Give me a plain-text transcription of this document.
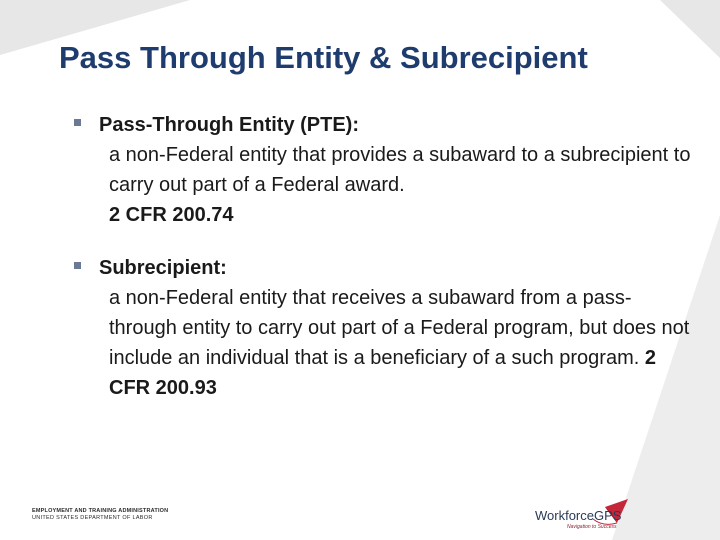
Pass Through Entity & Subrecipient
Pass-Through Entity (PTE):
a non-Federal entity that provides a subaward to a subrecipient to carry out part of a Federal award.
2 CFR 200.74
Subrecipient:
a non-Federal entity that receives a subaward from a pass-through entity to carry out part of a Federal program, but does not include an individual that is a beneficiary of a such program. 2 CFR 200.93
EMPLOYMENT AND TRAINING ADMINISTRATION
UNITED STATES DEPARTMENT OF LABOR	WorkforceGPS
Navigation to Success
